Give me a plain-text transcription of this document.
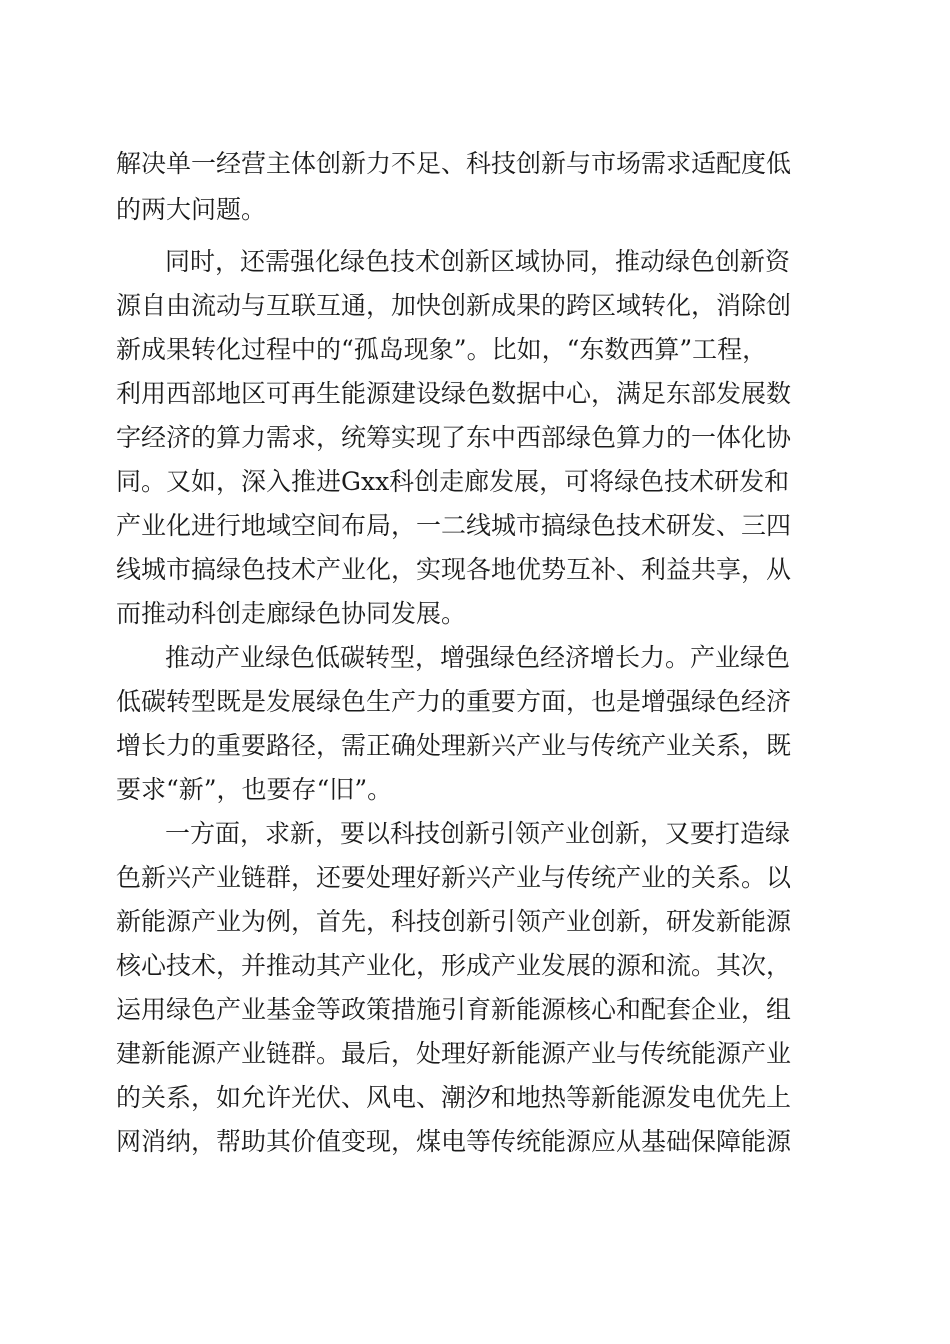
解决单一经营主体创新力不足、科技创新与市场需求适配度低
的两大问题。
同时，还需强化绿色技术创新区域协同，推动绿色创新资
源自由流动与互联互通，加快创新成果的跨区域转化，消除创
新成果转化过程中的“孤岛现象”。比如，“东数西算”工程，
利用西部地区可再生能源建设绿色数据中心，满足东部发展数
字经济的算力需求，统筹实现了东中西部绿色算力的一体化协
同。又如，深入推进Gxx科创走廊发展，可将绿色技术研发和
产业化进行地域空间布局，一二线城市搞绿色技术研发、三四
线城市搞绿色技术产业化，实现各地优势互补、利益共享，从
而推动科创走廊绿色协同发展。
推动产业绿色低碳转型，增强绿色经济增长力。产业绿色
低碳转型既是发展绿色生产力的重要方面，也是增强绿色经济
增长力的重要路径，需正确处理新兴产业与传统产业关系，既
要求“新”，也要存“旧”。
一方面，求新，要以科技创新引领产业创新，又要打造绿
色新兴产业链群，还要处理好新兴产业与传统产业的关系。以
新能源产业为例，首先，科技创新引领产业创新，研发新能源
核心技术，并推动其产业化，形成产业发展的源和流。其次，
运用绿色产业基金等政策措施引育新能源核心和配套企业，组
建新能源产业链群。最后，处理好新能源产业与传统能源产业
的关系，如允许光伏、风电、潮汐和地热等新能源发电优先上
网消纳，帮助其价值变现，煤电等传统能源应从基础保障能源
